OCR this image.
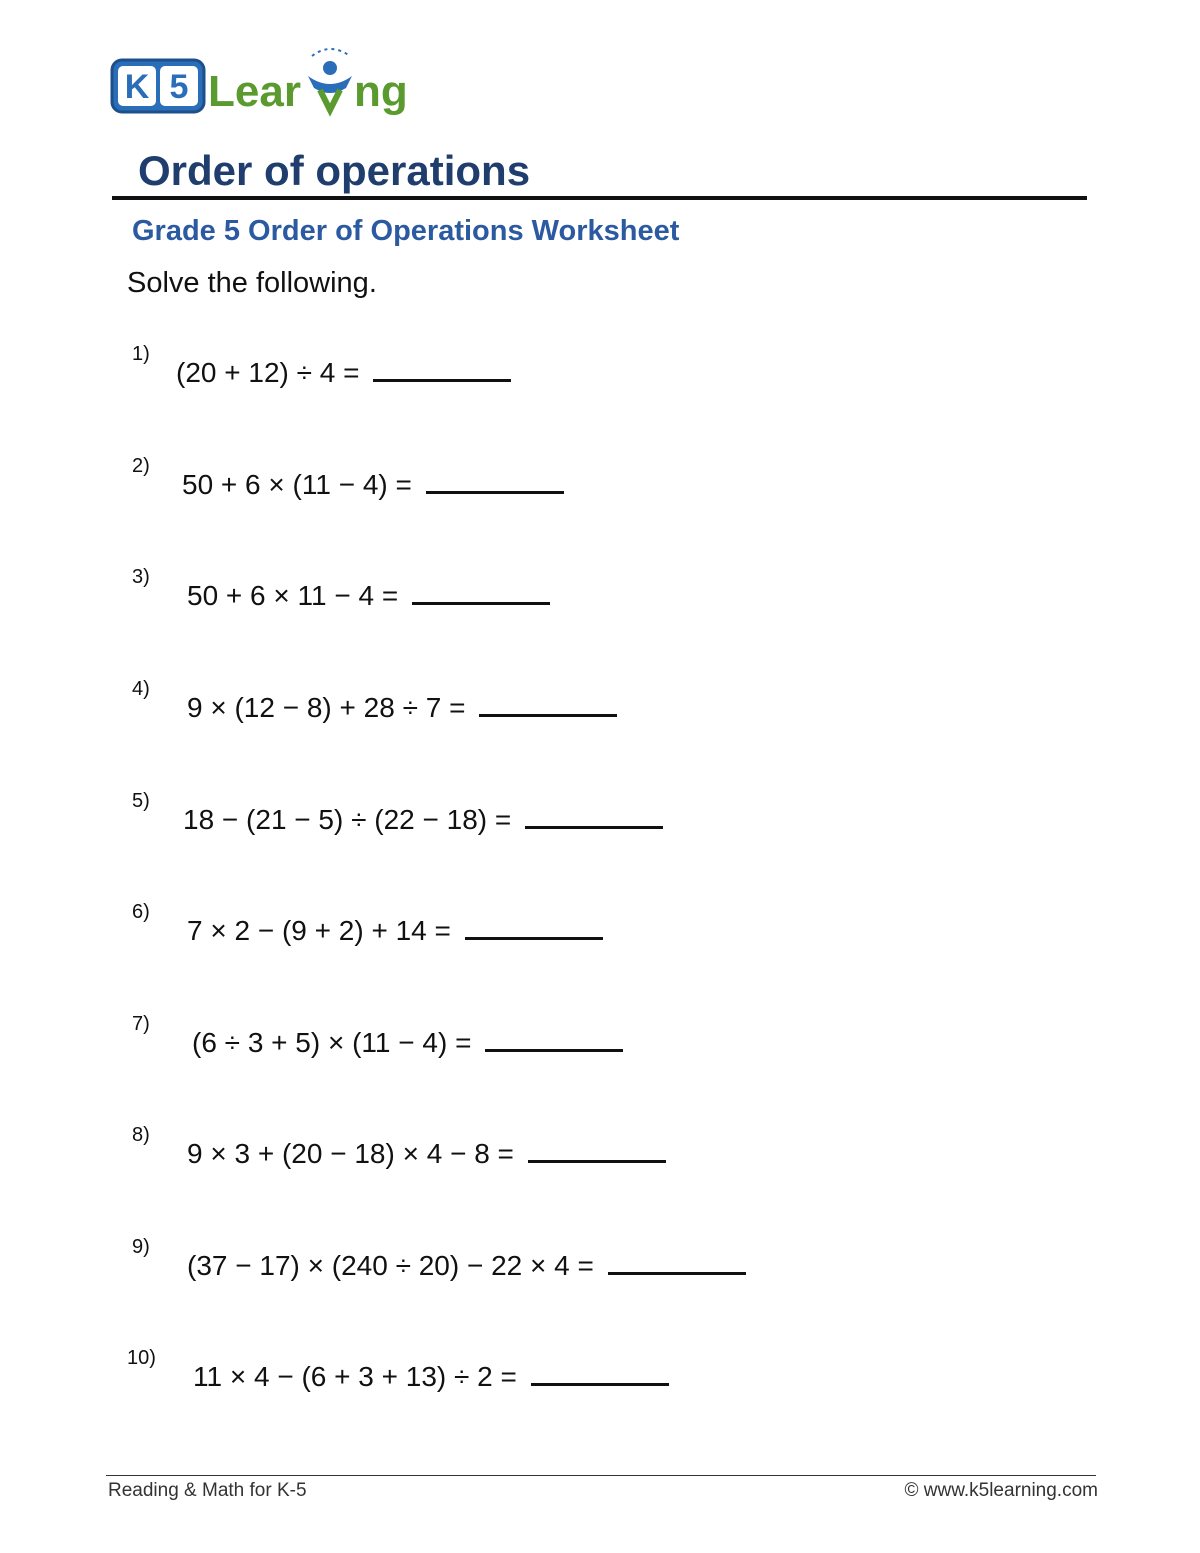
K 5 Lear ng
Order of operations
Grade 5 Order of Operations Worksheet
Solve the following.
1)
(20 + 12) ÷ 4 =
2)
50 + 6 × (11 − 4) =
3)
50 + 6 × 11 − 4 =
4)
9 × (12 − 8) + 28 ÷ 7 =
5)
18 − (21 − 5) ÷ (22 − 18) =
6)
7 × 2 − (9 + 2) + 14 =
7)
(6 ÷ 3 + 5) × (11 − 4) =
8)
9 × 3 + (20 − 18) × 4 − 8 =
9)
(37 − 17) × (240 ÷ 20) − 22 × 4 =
10)
11 × 4 − (6 + 3 + 13) ÷ 2 =
Reading & Math for K-5	© www.k5learning.com
